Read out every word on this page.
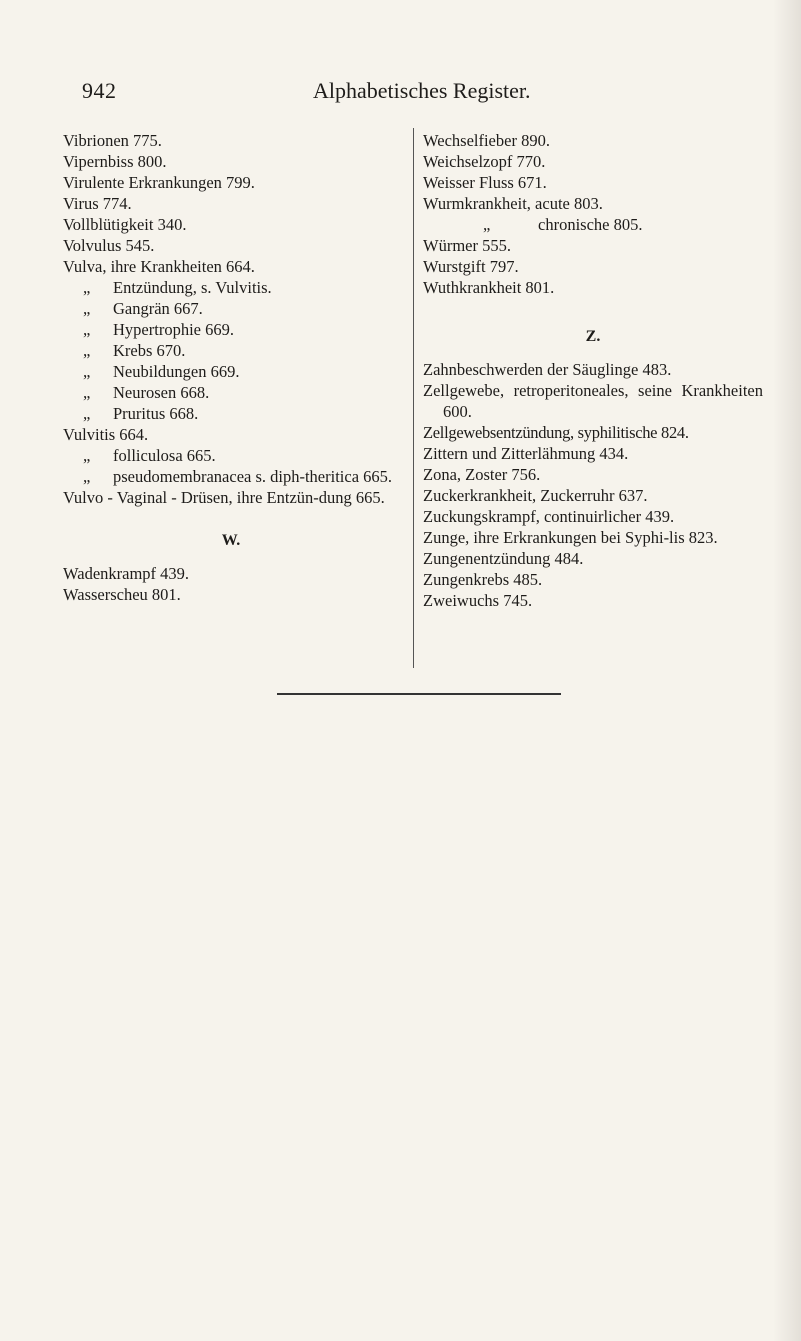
942	Alphabetisches Register.

Vibrionen 775.

Vipernbiss 800.

Virulente Erkrankungen 799.

Virus 774.

Vollblütigkeit 340.

Volvulus 545.

Vulva, ihre Krankheiten 664.

„ Entzündung, s. Vulvitis.

„ Gangrän 667.

„ Hypertrophie 669.

„ Krebs 670.

„ Neubildungen 669.

„ Neurosen 668.

„ Pruritus 668.

Vulvitis 664.

„ folliculosa 665.

„ pseudomembranacea s. diph-theritica 665.

Vulvo - Vaginal - Drüsen, ihre Entzün-dung 665.

W.

Wadenkrampf 439.

Wasserscheu 801.

Wechselfieber 890.

Weichselzopf 770.

Weisser Fluss 671.

Wurmkrankheit, acute 803.

„	chronische 805.

Würmer 555.

Wurstgift 797.

Wuthkrankheit 801.

Z.

Zahnbeschwerden der Säuglinge 483.

Zellgewebe, retroperitoneales, seine Krankheiten 600.

Zellgewebsentzündung, syphilitische 824.

Zittern und Zitterlähmung 434.

Zona, Zoster 756.

Zuckerkrankheit, Zuckerruhr 637.

Zuckungskrampf, continuirlicher 439.

Zunge, ihre Erkrankungen bei Syphi-lis 823.

Zungenentzündung 484.

Zungenkrebs 485.

Zweiwuchs 745.
